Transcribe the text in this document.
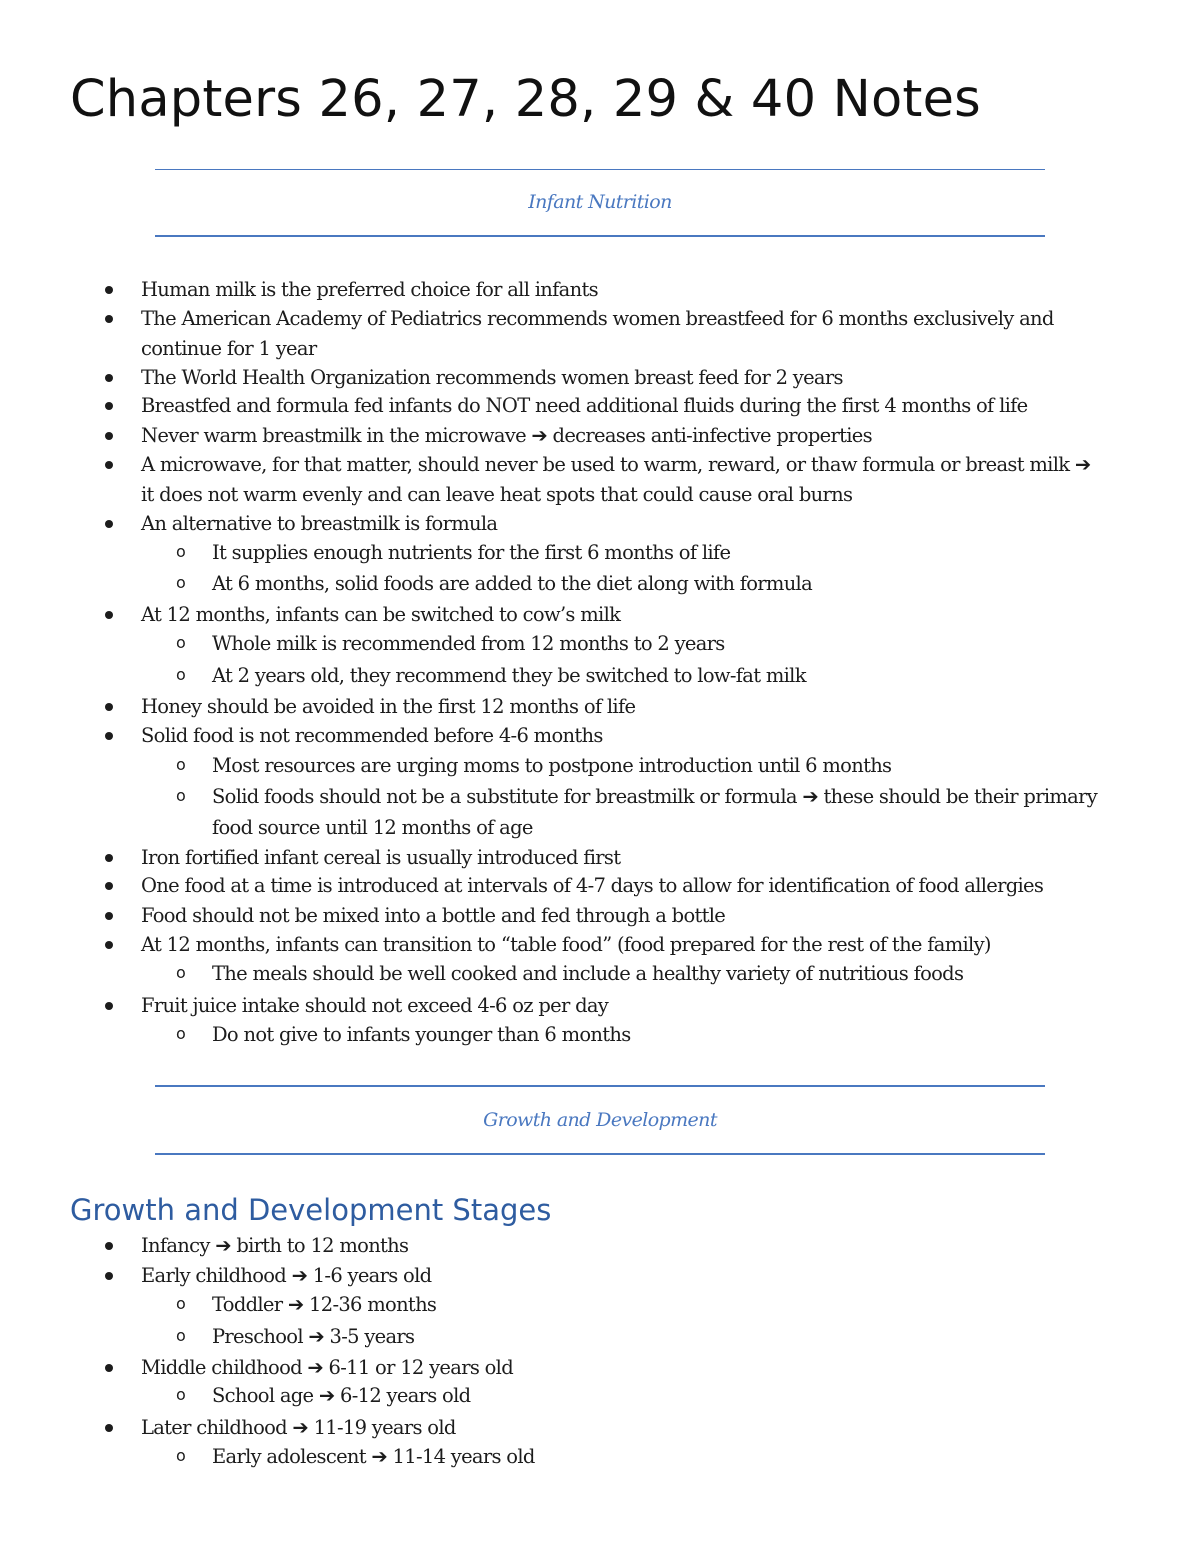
Chapters 26, 27, 28, 29 & 40 Notes
Infant Nutrition
Human milk is the preferred choice for all infants
The American Academy of Pediatrics recommends women breastfeed for 6 months exclusively and
continue for 1 year
The World Health Organization recommends women breast feed for 2 years
Breastfed and formula fed infants do NOT need additional fluids during the first 4 months of life
Never warm breastmilk in the microwave ➔ decreases anti-infective properties
A microwave, for that matter, should never be used to warm, reward, or thaw formula or breast milk ➔
it does not warm evenly and can leave heat spots that could cause oral burns
An alternative to breastmilk is formula
o It supplies enough nutrients for the first 6 months of life
o At 6 months, solid foods are added to the diet along with formula
At 12 months, infants can be switched to cow’s milk
o Whole milk is recommended from 12 months to 2 years
o At 2 years old, they recommend they be switched to low-fat milk
Honey should be avoided in the first 12 months of life
Solid food is not recommended before 4-6 months
o Most resources are urging moms to postpone introduction until 6 months
o Solid foods should not be a substitute for breastmilk or formula ➔ these should be their primary
food source until 12 months of age
Iron fortified infant cereal is usually introduced first
One food at a time is introduced at intervals of 4-7 days to allow for identification of food allergies
Food should not be mixed into a bottle and fed through a bottle
At 12 months, infants can transition to “table food” (food prepared for the rest of the family)
o The meals should be well cooked and include a healthy variety of nutritious foods
Fruit juice intake should not exceed 4-6 oz per day
o Do not give to infants younger than 6 months
Growth and Development
Growth and Development Stages
Infancy ➔ birth to 12 months
Early childhood ➔ 1-6 years old
o Toddler ➔ 12-36 months
o Preschool ➔ 3-5 years
Middle childhood ➔ 6-11 or 12 years old
o School age ➔ 6-12 years old
Later childhood ➔ 11-19 years old
o Early adolescent ➔ 11-14 years old
